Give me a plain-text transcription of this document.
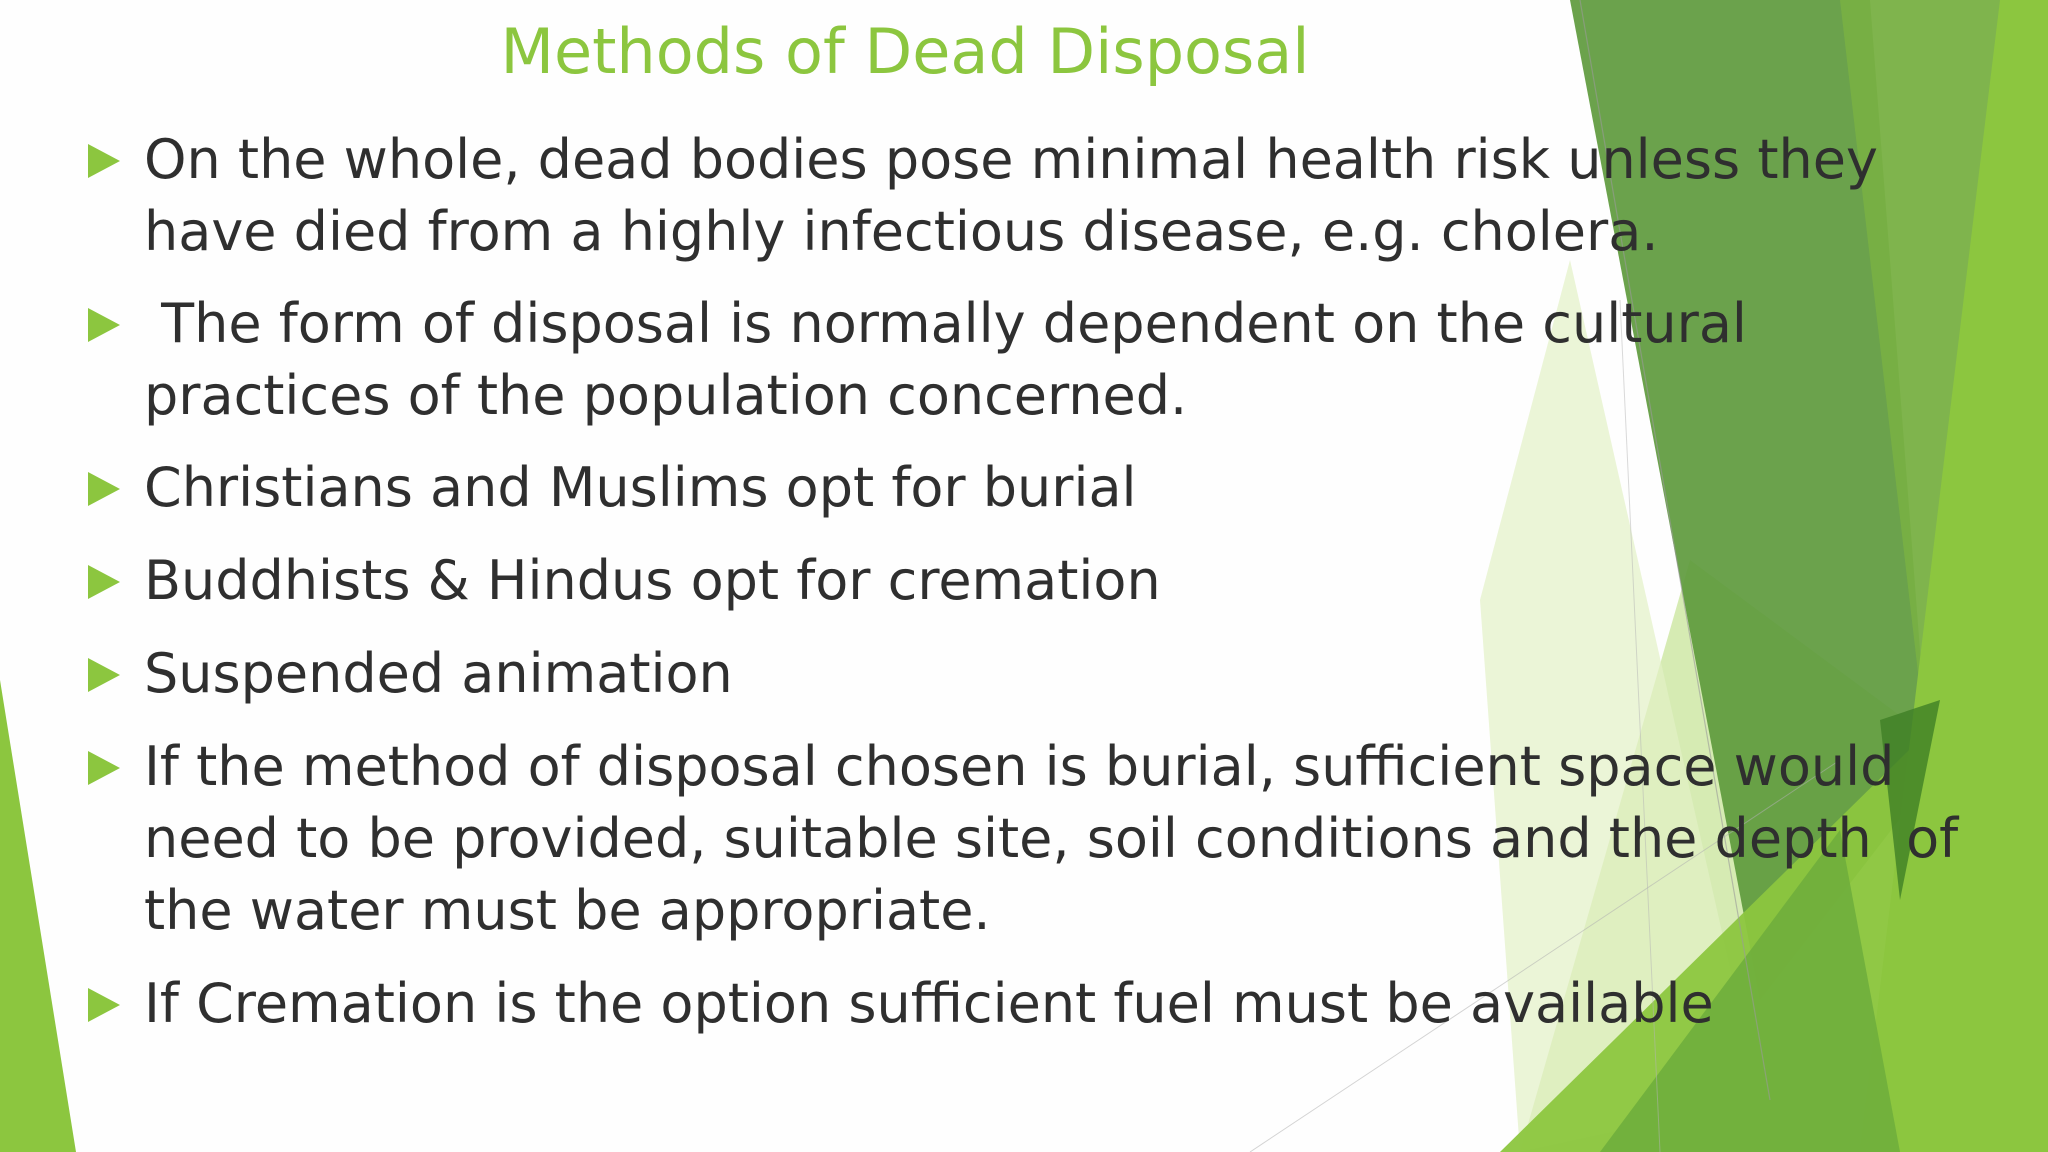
Methods of Dead Disposal
On the whole, dead bodies pose minimal health risk unless they
have died from a highly infectious disease, e.g. cholera.
The form of disposal is normally dependent on the cultural
practices of the population concerned.
Christians and Muslims opt for burial
Buddhists & Hindus opt for cremation
Suspended animation
If the method of disposal chosen is burial, sufficient space would
need to be provided, suitable site, soil conditions and the depth  of
the water must be appropriate.
If Cremation is the option sufficient fuel must be available
